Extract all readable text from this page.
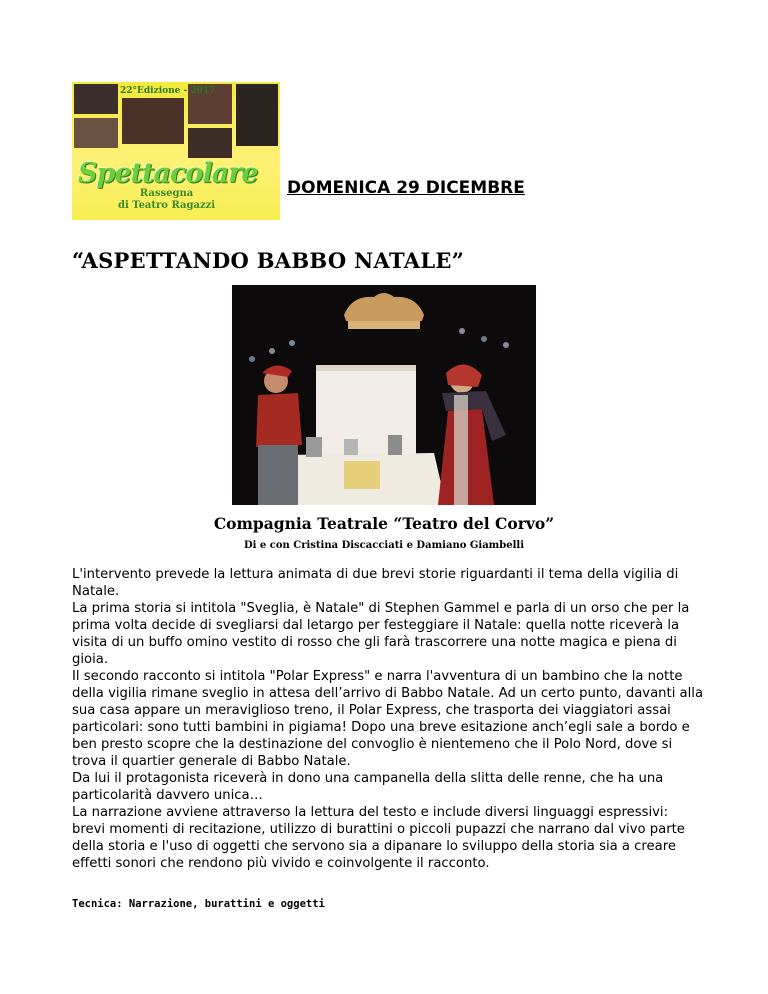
22°Edizione - 2017
Spettacolare
Rassegna
di Teatro Ragazzi
DOMENICA 29 DICEMBRE
“ASPETTANDO BABBO NATALE”
Compagnia Teatrale “Teatro del Corvo”
Di e con Cristina Discacciati e Damiano Giambelli

L'intervento prevede la lettura animata di due brevi storie riguardanti il tema della vigilia di Natale.

La prima storia si intitola "Sveglia, è Natale" di Stephen Gammel e parla di un orso che per la prima volta decide di svegliarsi dal letargo per festeggiare il Natale: quella notte riceverà la visita di un buffo omino vestito di rosso che gli farà trascorrere una notte magica e piena di gioia.

Il secondo racconto si intitola "Polar Express" e narra l'avventura di un bambino che la notte della vigilia rimane sveglio in attesa dell’arrivo di Babbo Natale. Ad un certo punto, davanti alla sua casa appare un meraviglioso treno, il Polar Express, che trasporta dei viaggiatori assai particolari: sono tutti bambini in pigiama! Dopo una breve esitazione anch’egli sale a bordo e ben presto scopre che la destinazione del convoglio è nientemeno che il Polo Nord, dove si trova il quartier generale di Babbo Natale.

Da lui il protagonista riceverà in dono una campanella della slitta delle renne, che ha una particolarità davvero unica…

La narrazione avviene attraverso la lettura del testo e include diversi linguaggi espressivi: brevi momenti di recitazione, utilizzo di burattini o piccoli pupazzi che narrano dal vivo parte della storia e l'uso di oggetti che servono sia a dipanare lo sviluppo della storia sia a creare effetti sonori che rendono più vivido e coinvolgente il racconto.

Tecnica: Narrazione, burattini e oggetti
